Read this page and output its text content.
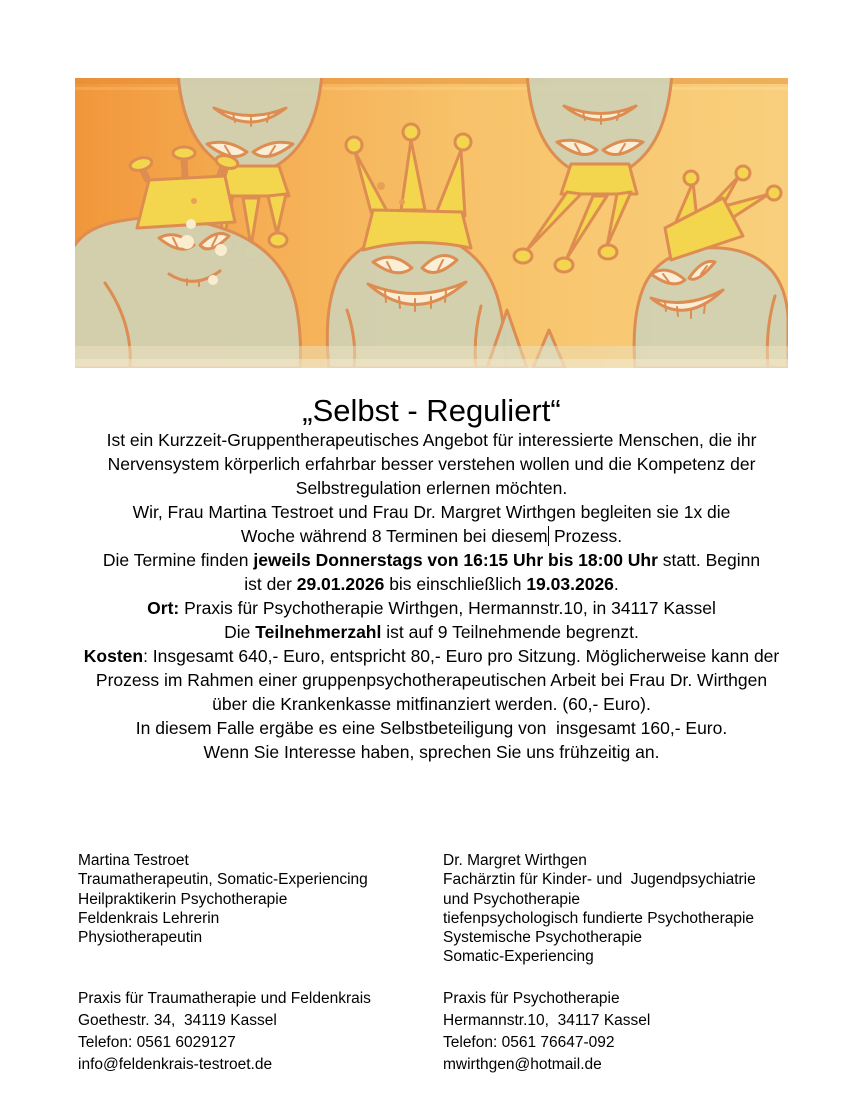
„Selbst - Reguliert“

Ist ein Kurzzeit-Gruppentherapeutisches Angebot für interessierte Menschen, die ihr
Nervensystem körperlich erfahrbar besser verstehen wollen und die Kompetenz der
Selbstregulation erlernen möchten.

Wir, Frau Martina Testroet und Frau Dr. Margret Wirthgen begleiten sie 1x die
Woche während 8 Terminen bei diesem Prozess.

Die Termine finden jeweils Donnerstags von 16:15 Uhr bis 18:00 Uhr statt. Beginn
ist der 29.01.2026 bis einschließlich 19.03.2026.

Ort: Praxis für Psychotherapie Wirthgen, Hermannstr.10, in 34117 Kassel
Die Teilnehmerzahl ist auf 9 Teilnehmende begrenzt.

Kosten: Insgesamt 640,- Euro, entspricht 80,- Euro pro Sitzung. Möglicherweise kann der
Prozess im Rahmen einer gruppenpsychotherapeutischen Arbeit bei Frau Dr. Wirthgen
über die Krankenkasse mitfinanziert werden. (60,- Euro).
In diesem Falle ergäbe es eine Selbstbeteiligung von  insgesamt 160,- Euro.

Wenn Sie Interesse haben, sprechen Sie uns frühzeitig an.

Martina Testroet
Traumatherapeutin, Somatic-Experiencing
Heilpraktikerin Psychotherapie
Feldenkrais Lehrerin
Physiotherapeutin
Dr. Margret Wirthgen
Fachärztin für Kinder- und  Jugendpsychiatrie
und Psychotherapie
tiefenpsychologisch fundierte Psychotherapie
Systemische Psychotherapie
Somatic-Experiencing
Praxis für Traumatherapie und Feldenkrais
Goethestr. 34,  34119 Kassel
Telefon: 0561 6029127
info@feldenkrais-testroet.de
Praxis für Psychotherapie
Hermannstr.10,  34117 Kassel
Telefon: 0561 76647-092
mwirthgen@hotmail.de
